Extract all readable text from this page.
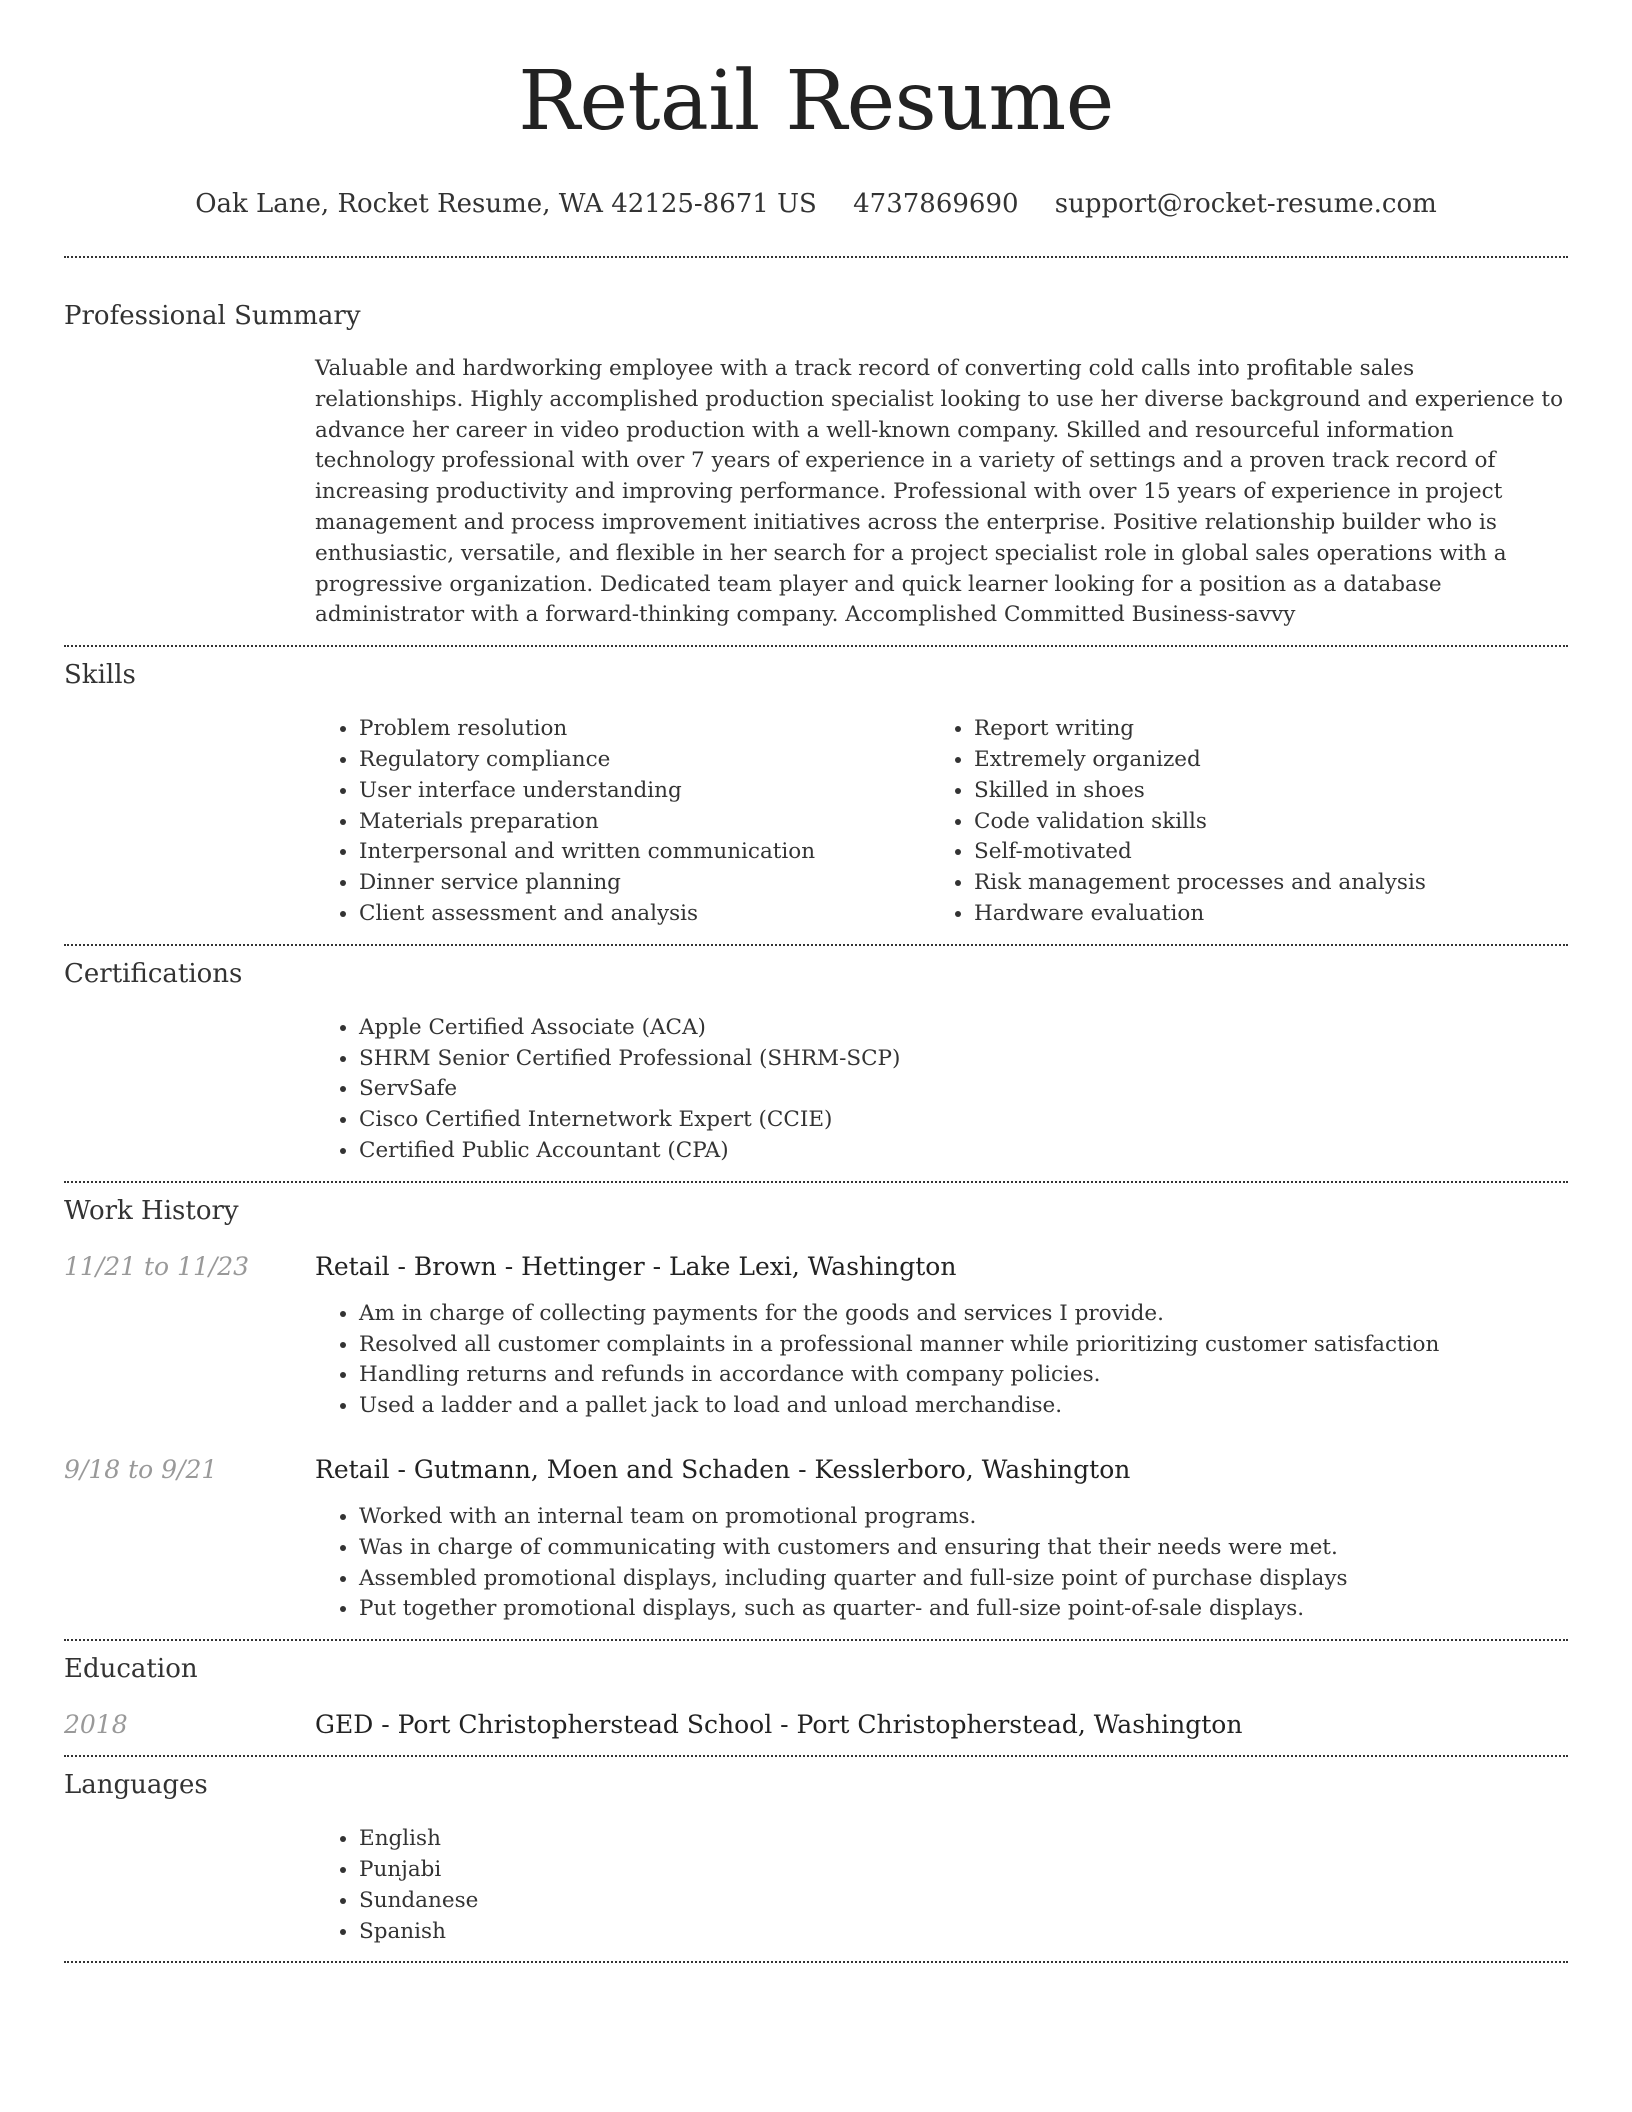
Retail Resume
Oak Lane, Rocket Resume, WA 42125-8671 US 4737869690 support@rocket-resume.com
Professional Summary
Valuable and hardworking employee with a track record of converting cold calls into profitable sales relationships. Highly accomplished production specialist looking to use her diverse background and experience to advance her career in video production with a well-known company. Skilled and resourceful information technology professional with over 7 years of experience in a variety of settings and a proven track record of increasing productivity and improving performance. Professional with over 15 years of experience in project management and process improvement initiatives across the enterprise. Positive relationship builder who is enthusiastic, versatile, and flexible in her search for a project specialist role in global sales operations with a progressive organization. Dedicated team player and quick learner looking for a position as a database administrator with a forward-thinking company. Accomplished Committed Business-savvy
Skills
• Problem resolution
• Regulatory compliance
• User interface understanding
• Materials preparation
• Interpersonal and written communication
• Dinner service planning
• Client assessment and analysis
• Report writing
• Extremely organized
• Skilled in shoes
• Code validation skills
• Self-motivated
• Risk management processes and analysis
• Hardware evaluation
Certifications
• Apple Certified Associate (ACA)
• SHRM Senior Certified Professional (SHRM-SCP)
• ServSafe
• Cisco Certified Internetwork Expert (CCIE)
• Certified Public Accountant (CPA)
Work History
11/21 to 11/23	Retail - Brown - Hettinger - Lake Lexi, Washington
• Am in charge of collecting payments for the goods and services I provide.
• Resolved all customer complaints in a professional manner while prioritizing customer satisfaction
• Handling returns and refunds in accordance with company policies.
• Used a ladder and a pallet jack to load and unload merchandise.
9/18 to 9/21	Retail - Gutmann, Moen and Schaden - Kesslerboro, Washington
• Worked with an internal team on promotional programs.
• Was in charge of communicating with customers and ensuring that their needs were met.
• Assembled promotional displays, including quarter and full-size point of purchase displays
• Put together promotional displays, such as quarter- and full-size point-of-sale displays.
Education
2018	GED - Port Christopherstead School - Port Christopherstead, Washington
Languages
• English
• Punjabi
• Sundanese
• Spanish
